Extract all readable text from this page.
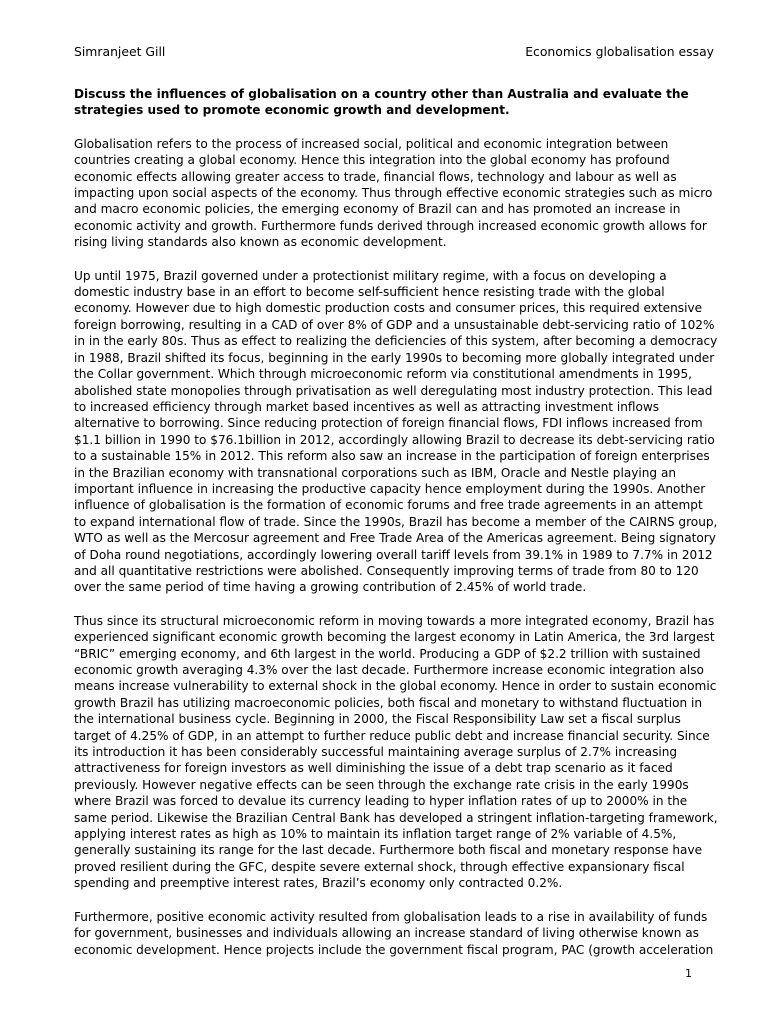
Simranjeet Gill	Economics globalisation essay

Discuss the influences of globalisation on a country other than Australia and evaluate the strategies used to promote economic growth and development.

Globalisation refers to the process of increased social, political and economic integration between countries creating a global economy. Hence this integration into the global economy has profound economic effects allowing greater access to trade, financial flows, technology and labour as well as impacting upon social aspects of the economy. Thus through effective economic strategies such as micro and macro economic policies, the emerging economy of Brazil can and has promoted an increase in economic activity and growth. Furthermore funds derived through increased economic growth allows for rising living standards also known as economic development.

Up until 1975, Brazil governed under a protectionist military regime, with a focus on developing a domestic industry base in an effort to become self-sufficient hence resisting trade with the global economy. However due to high domestic production costs and consumer prices, this required extensive foreign borrowing, resulting in a CAD of over 8% of GDP and a unsustainable debt-servicing ratio of 102% in in the early 80s. Thus as effect to realizing the deficiencies of this system, after becoming a democracy in 1988, Brazil shifted its focus, beginning in the early 1990s to becoming more globally integrated under the Collar government. Which through microeconomic reform via constitutional amendments in 1995, abolished state monopolies through privatisation as well deregulating most industry protection. This lead to increased efficiency through market based incentives as well as attracting investment inflows alternative to borrowing. Since reducing protection of foreign financial flows, FDI inflows increased from $1.1 billion in 1990 to $76.1billion in 2012, accordingly allowing Brazil to decrease its debt-servicing ratio to a sustainable 15% in 2012. This reform also saw an increase in the participation of foreign enterprises in the Brazilian economy with transnational corporations such as IBM, Oracle and Nestle playing an important influence in increasing the productive capacity hence employment during the 1990s. Another influence of globalisation is the formation of economic forums and free trade agreements in an attempt to expand international flow of trade. Since the 1990s, Brazil has become a member of the CAIRNS group, WTO as well as the Mercosur agreement and Free Trade Area of the Americas agreement. Being signatory of Doha round negotiations, accordingly lowering overall tariff levels from 39.1% in 1989 to 7.7% in 2012 and all quantitative restrictions were abolished. Consequently improving terms of trade from 80 to 120 over the same period of time having a growing contribution of 2.45% of world trade.

Thus since its structural microeconomic reform in moving towards a more integrated economy, Brazil has experienced significant economic growth becoming the largest economy in Latin America, the 3rd largest “BRIC” emerging economy, and 6th largest in the world. Producing a GDP of $2.2 trillion with sustained economic growth averaging 4.3% over the last decade. Furthermore increase economic integration also means increase vulnerability to external shock in the global economy. Hence in order to sustain economic growth Brazil has utilizing macroeconomic policies, both fiscal and monetary to withstand fluctuation in the international business cycle. Beginning in 2000, the Fiscal Responsibility Law set a fiscal surplus target of 4.25% of GDP, in an attempt to further reduce public debt and increase financial security. Since its introduction it has been considerably successful maintaining average surplus of 2.7% increasing attractiveness for foreign investors as well diminishing the issue of a debt trap scenario as it faced previously. However negative effects can be seen through the exchange rate crisis in the early 1990s where Brazil was forced to devalue its currency leading to hyper inflation rates of up to 2000% in the same period. Likewise the Brazilian Central Bank has developed a stringent inflation-targeting framework, applying interest rates as high as 10% to maintain its inflation target range of 2% variable of 4.5%, generally sustaining its range for the last decade. Furthermore both fiscal and monetary response have proved resilient during the GFC, despite severe external shock, through effective expansionary fiscal spending and preemptive interest rates, Brazil’s economy only contracted 0.2%.

Furthermore, positive economic activity resulted from globalisation leads to a rise in availability of funds for government, businesses and individuals allowing an increase standard of living otherwise known as economic development. Hence projects include the government fiscal program, PAC (growth acceleration

1
